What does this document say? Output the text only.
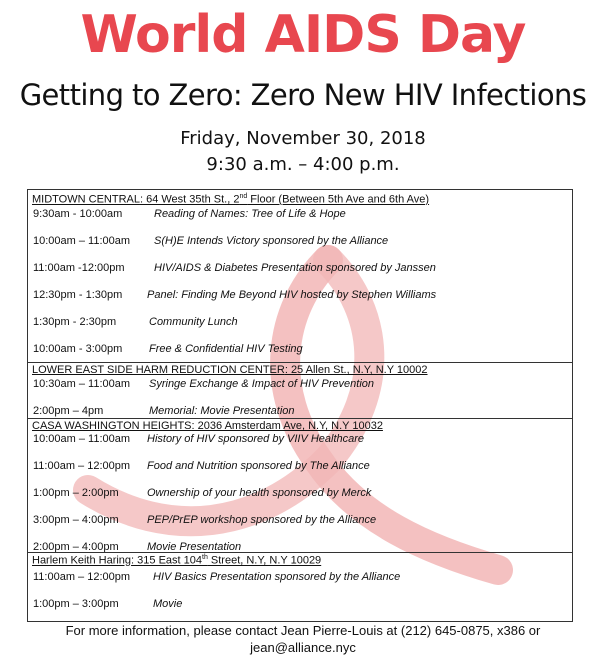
World AIDS Day
Getting to Zero: Zero New HIV Infections
Friday, November 30, 2018
9:30 a.m. – 4:00 p.m.
MIDTOWN CENTRAL: 64 West 35th St., 2nd Floor (Between 5th Ave and 6th Ave)
9:30am - 10:00am	Reading of Names: Tree of Life & Hope
10:00am – 11:00am S(H)E Intends Victory sponsored by the Alliance
11:00am -12:00pm	HIV/AIDS & Diabetes Presentation sponsored by Janssen
12:30pm - 1:30pm Panel: Finding Me Beyond HIV hosted by Stephen Williams
1:30pm - 2:30pm	Community Lunch
10:00am - 3:00pm Free & Confidential HIV Testing
LOWER EAST SIDE HARM REDUCTION CENTER: 25 Allen St., N.Y, N.Y 10002
10:30am – 11:00am Syringe Exchange & Impact of HIV Prevention
2:00pm – 4pm	Memorial: Movie Presentation
CASA WASHINGTON HEIGHTS: 2036 Amsterdam Ave, N.Y, N.Y 10032
10:00am – 11:00am History of HIV sponsored by VIIV Healthcare
11:00am – 12:00pm Food and Nutrition sponsored by The Alliance
1:00pm – 2:00pm	Ownership of your health sponsored by Merck
3:00pm – 4:00pm	PEP/PrEP workshop sponsored by the Alliance
2:00pm – 4:00pm	Movie Presentation
Harlem Keith Haring: 315 East 104th Street, N.Y, N.Y 10029
11:00am – 12:00pm HIV Basics Presentation sponsored by the Alliance
1:00pm – 3:00pm	Movie
For more information, please contact Jean Pierre-Louis at (212) 645-0875, x386 or
jean@alliance.nyc
